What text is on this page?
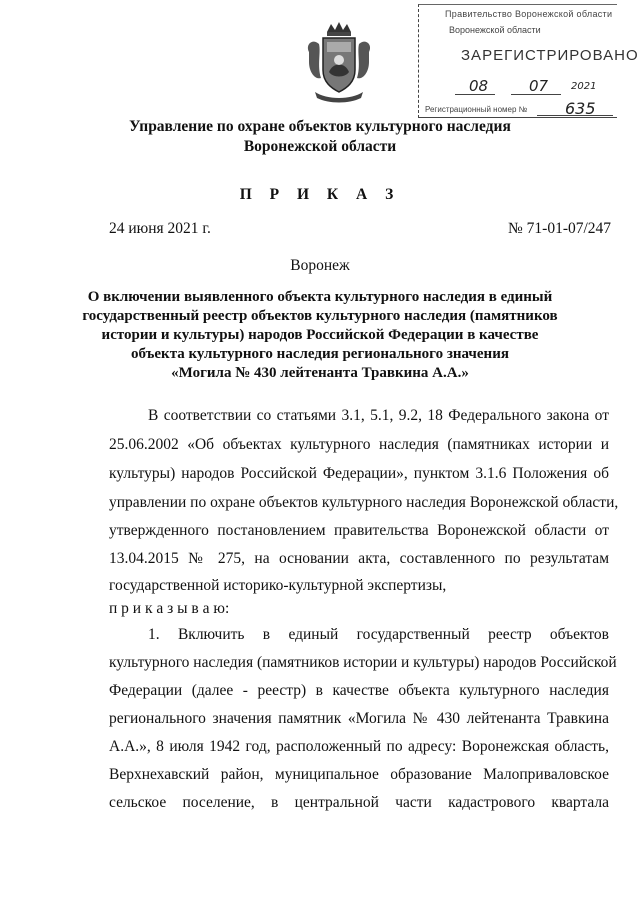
Правительство Воронежской области
Воронежской области
ЗАРЕГИСТРИРОВАНО
08	07 2021
Регистрационный номер № 635
Управление по охране объектов культурного наследия
Воронежской области
П Р И К А З
24 июня 2021 г.	№ 71-01-07/247
Воронеж
О включении выявленного объекта культурного наследия в единый
государственный реестр объектов культурного наследия (памятников
истории и культуры) народов Российской Федерации в качестве
объекта культурного наследия регионального значения
«Могила № 430 лейтенанта Травкина А.А.»
В соответствии со статьями 3.1, 5.1, 9.2, 18 Федерального закона от
25.06.2002 «Об объектах культурного наследия (памятниках истории и
культуры) народов Российской Федерации», пунктом 3.1.6 Положения об
управлении по охране объектов культурного наследия Воронежской области,
утвержденного постановлением правительства Воронежской области от
13.04.2015 № 275, на основании акта, составленного по результатам
государственной историко-культурной экспертизы,
п р и к а з ы в а ю:
1. Включить в единый государственный реестр объектов
культурного наследия (памятников истории и культуры) народов Российской
Федерации (далее - реестр) в качестве объекта культурного наследия
регионального значения памятник «Могила № 430 лейтенанта Травкина
А.А.», 8 июля 1942 год, расположенный по адресу: Воронежская область,
Верхнехавский район, муниципальное образование Малоприваловское
сельское поселение, в центральной части кадастрового квартала
